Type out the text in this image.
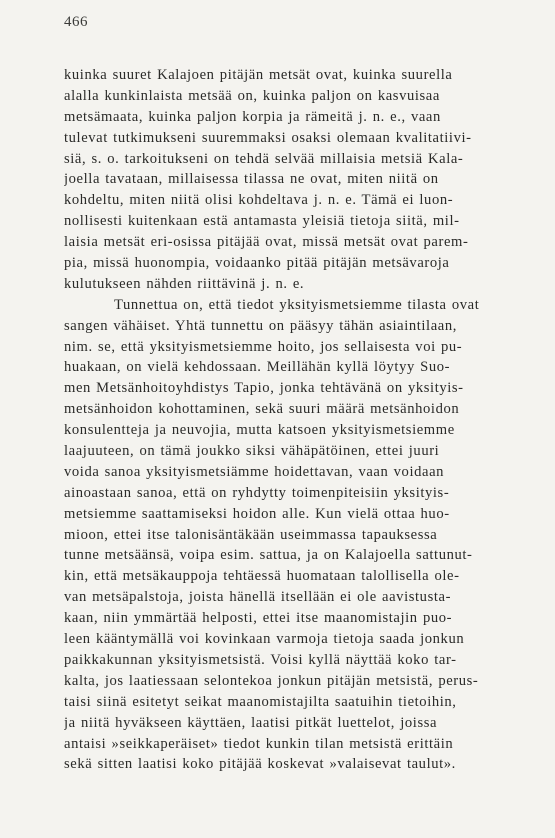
466
kuinka suuret Kalajoen pitäjän metsät ovat, kuinka suurella
alalla kunkinlaista metsää on, kuinka paljon on kasvuisaa
metsämaata, kuinka paljon korpia ja rämeitä j. n. e., vaan
tulevat tutkimukseni suuremmaksi osaksi olemaan kvalitatiivi-
siä, s. o. tarkoitukseni on tehdä selvää millaisia metsiä Kala-
joella tavataan, millaisessa tilassa ne ovat, miten niitä on
kohdeltu, miten niitä olisi kohdeltava j. n. e. Tämä ei luon-
nollisesti kuitenkaan estä antamasta yleisiä tietoja siitä, mil-
laisia metsät eri-osissa pitäjää ovat, missä metsät ovat parem-
pia, missä huonompia, voidaanko pitää pitäjän metsävaroja
kulutukseen nähden riittävinä j. n. e.
Tunnettua on, että tiedot yksityismetsiemme tilasta ovat
sangen vähäiset. Yhtä tunnettu on pääsyy tähän asiaintilaan,
nim. se, että yksityismetsiemme hoito, jos sellaisesta voi pu-
huakaan, on vielä kehdossaan. Meillähän kyllä löytyy Suo-
men Metsänhoitoyhdistys Tapio, jonka tehtävänä on yksityis-
metsänhoidon kohottaminen, sekä suuri määrä metsänhoidon
konsulentteja ja neuvojia, mutta katsoen yksityismetsiemme
laajuuteen, on tämä joukko siksi vähäpätöinen, ettei juuri
voida sanoa yksityismetsiämme hoidettavan, vaan voidaan
ainoastaan sanoa, että on ryhdytty toimenpiteisiin yksityis-
metsiemme saattamiseksi hoidon alle. Kun vielä ottaa huo-
mioon, ettei itse talonisäntäkään useimmassa tapauksessa
tunne metsäänsä, voipa esim. sattua, ja on Kalajoella sattunut-
kin, että metsäkauppoja tehtäessä huomataan talollisella ole-
van metsäpalstoja, joista hänellä itsellään ei ole aavistusta-
kaan, niin ymmärtää helposti, ettei itse maanomistajin puo-
leen kääntymällä voi kovinkaan varmoja tietoja saada jonkun
paikkakunnan yksityismetsistä. Voisi kyllä näyttää koko tar-
kalta, jos laatiessaan selontekoa jonkun pitäjän metsistä, perus-
taisi siinä esitetyt seikat maanomistajilta saatuihin tietoihin,
ja niitä hyväkseen käyttäen, laatisi pitkät luettelot, joissa
antaisi »seikkaperäiset» tiedot kunkin tilan metsistä erittäin
sekä sitten laatisi koko pitäjää koskevat »valaisevat taulut».
